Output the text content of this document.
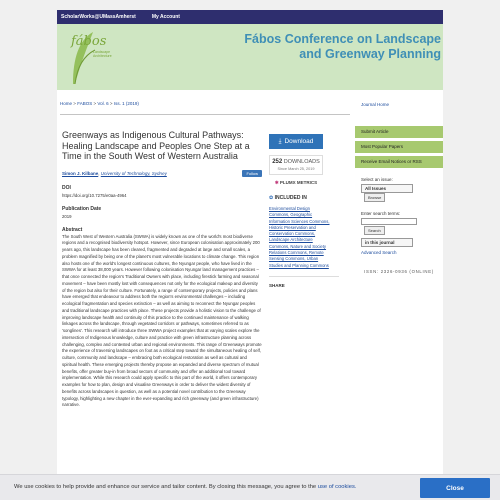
ScholarWorks@UMassAmherst	My Account
fábos
Landscape Architecture
Fábos Conference on Landscape and Greenway Planning
Home > FABOS > Vol. 6 > Iss. 1 (2019)
Greenways as Indigenous Cultural Pathways: Healing Landscape and Peoples One Step at a Time in the South West of Western Australia
Simon J. Kilbane, University of Technology, Sydney	Follow
DOI
https://doi.org/10.7275/e0aa-4964
Publication Date
2019
Abstract

The South West of Western Australia (SWWA) is widely known as one of the world's most biodiverse regions and a recognised biodiversity hotspot. However, since European colonisation approximately 200 years ago, this landscape has been cleared, fragmented and degraded at large and small scales, a problem magnified by being one of the planet's most vulnerable locations to climate change. This region also hosts one of the world's longest continuous cultures, the Nyungar people, who have lived in the SWWA for at least 38,000 years. However following colonisation Nyungar land management practices – that once connected the region's Traditional Owners with place, including firestick farming and seasonal movement – have been mostly lost with consequences not only for the ecological makeup and diversity of the region but also for their culture. Fortunately, a range of contemporary projects, policies and plans have emerged that endeavour to address both the region's environmental challenges – including ecological fragmentation and species extinction – as well as aiming to reconnect the Nyungar peoples and traditional landscape practices with place. These projects provide a holistic vision to the challenge of improving landscape health and continuity of this practice to the continued maintenance of walking linkages across the landscape, through vegetated corridors or pathways, sometimes referred to as 'songlines'. This research will introduce three SWWA project examples that at varying scales explore the intersection of Indigenous knowledge, culture and practice with green infrastructure planning across challenging, complex and contested urban and regional environments. This range of Greenways promote the experience of traversing landscapes on foot as a critical step toward the simultaneous healing of self, culture, community and landscape – embracing both ecological restoration as well as cultural and spiritual health. These emerging projects thereby propose an expanded and diverse spectrum of mutual benefits, offer greater buy-in from broad sectors of community and offer an additional tool toward implementation. While this research could apply specific to this part of the world, it offers contemporary examples for how to plan, design and visualise Greenways in order to deliver the widest diversity of benefits across landscapes in question, as well as a potential novel contribution to the Greenway typology, highlighting a new chapter in the ever-expanding and rich greenway (and green infrastructure) narrative.

⤓ Download
252 DOWNLOADS
Since March 25, 2019
✱ PLUMX METRICS
✿ INCLUDED IN
Environmental Design Commons, Geographic Information Sciences Commons, Historic Preservation and Conservation Commons, Landscape Architecture Commons, Nature and Society Relations Commons, Remote Sensing Commons, Urban Studies and Planning Commons
SHARE
Journal Home
Submit Article
Most Popular Papers
Receive Email Notices or RSS
Select an issue:
All Issues Browse
Enter search terms:
Search
in this journal
Advanced Search
ISSN: 2326-0936 (ONLINE)
We use cookies to help provide and enhance our service and tailor content. By closing this message, you agree to the use of cookies.	Close
